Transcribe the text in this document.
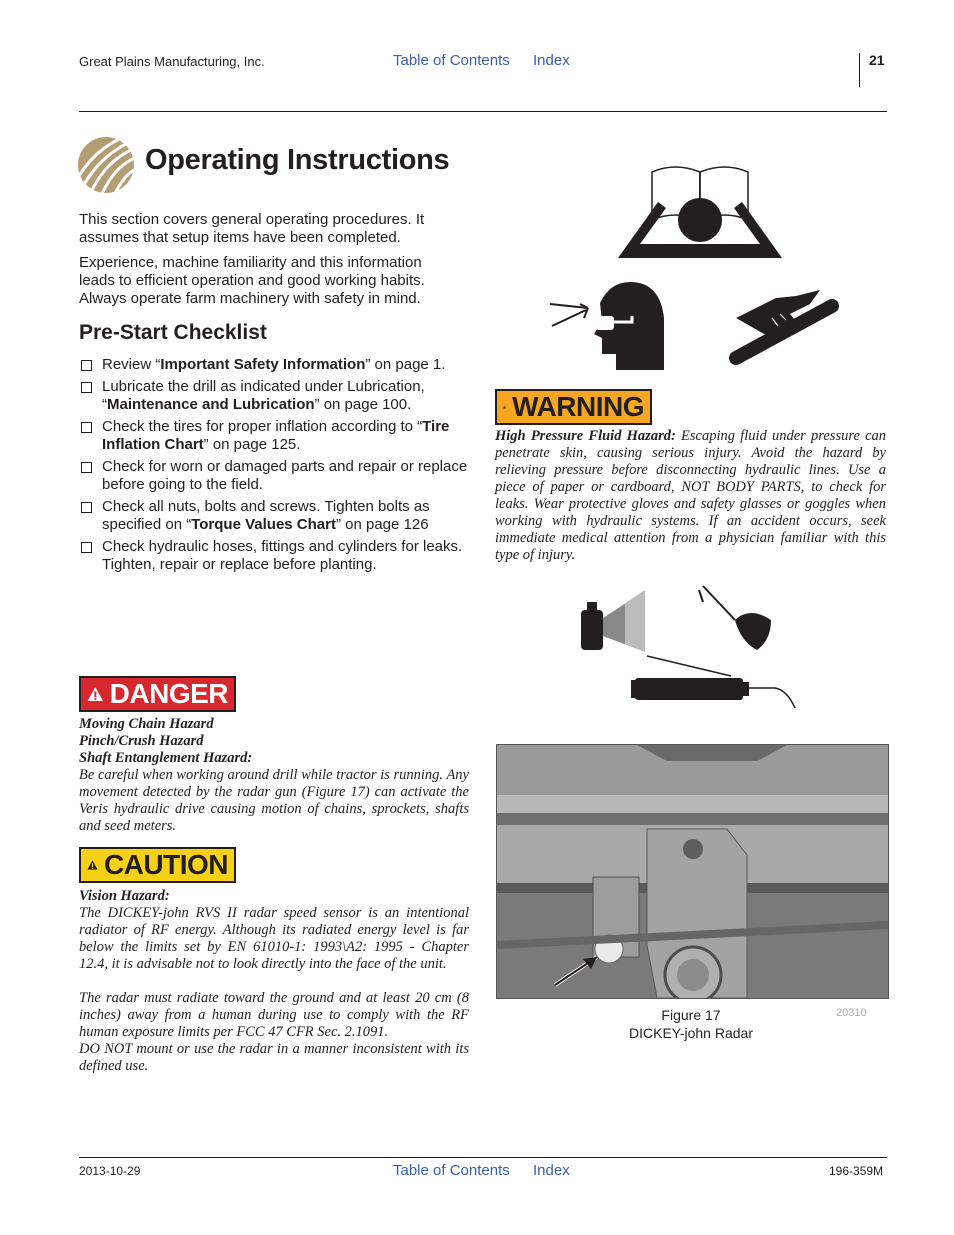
Great Plains Manufacturing, Inc.	Table of Contents Index	21
Operating Instructions
This section covers general operating procedures. It assumes that setup items have been completed.
Experience, machine familiarity and this information leads to efficient operation and good working habits. Always operate farm machinery with safety in mind.
Pre-Start Checklist
Review “Important Safety Information” on page 1.
Lubricate the drill as indicated under Lubrication, “Maintenance and Lubrication” on page 100.
Check the tires for proper inflation according to “Tire Inflation Chart” on page 125.
Check for worn or damaged parts and repair or replace before going to the field.
Check all nuts, bolts and screws. Tighten bolts as specified on “Torque Values Chart” on page 126
Check hydraulic hoses, fittings and cylinders for leaks. Tighten, repair or replace before planting.
WARNING
High Pressure Fluid Hazard: Escaping fluid under pressure can penetrate skin, causing serious injury. Avoid the hazard by relieving pressure before disconnecting hydraulic lines. Use a piece of paper or cardboard, NOT BODY PARTS, to check for leaks. Wear protective gloves and safety glasses or goggles when working with hydraulic systems. If an accident occurs, seek immediate medical attention from a physician familiar with this type of injury.
DANGER
Moving Chain Hazard
Pinch/Crush Hazard
Shaft Entanglement Hazard:
Be careful when working around drill while tractor is running. Any movement detected by the radar gun (Figure 17) can activate the Veris hydraulic drive causing motion of chains, sprockets, shafts and seed meters.
CAUTION
Vision Hazard:
The DICKEY-john RVS II radar speed sensor is an intentional radiator of RF energy. Although its radiated energy level is far below the limits set by EN 61010-1: 1993\A2: 1995 - Chapter 12.4, it is advisable not to look directly into the face of the unit.
The radar must radiate toward the ground and at least 20 cm (8 inches) away from a human during use to comply with the RF human exposure limits per FCC 47 CFR Sec. 2.1091.
DO NOT mount or use the radar in a manner inconsistent with its defined use.
Figure 17
DICKEY-john Radar
20310
2013-10-29	Table of Contents Index	196-359M
